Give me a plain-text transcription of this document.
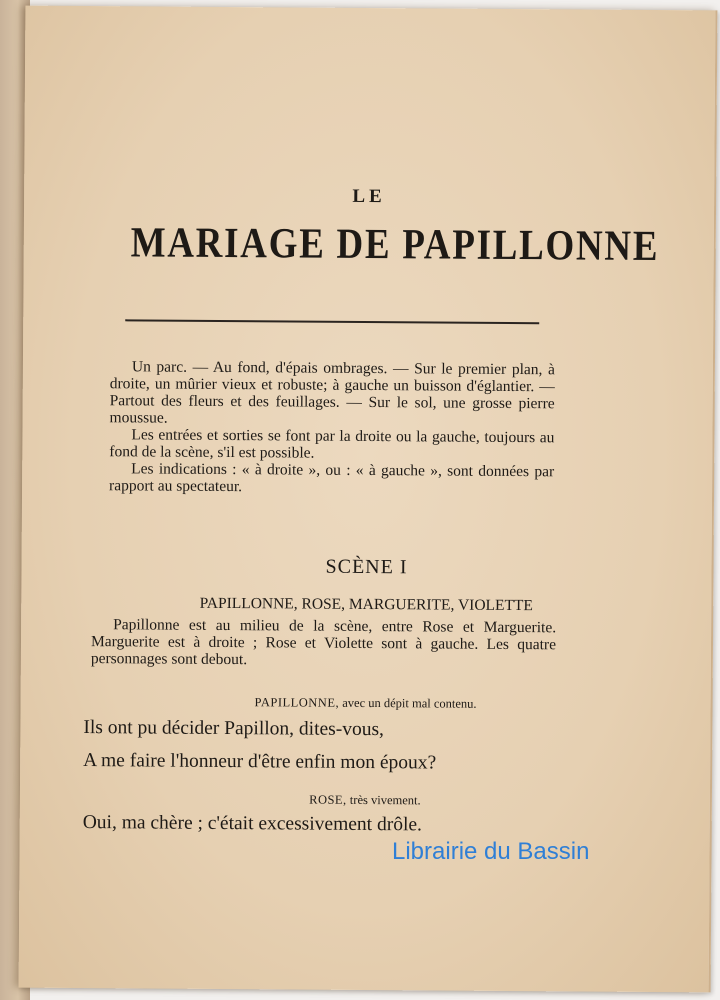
LE
MARIAGE DE PAPILLONNE

Un parc. — Au fond, d'épais ombrages. — Sur le premier plan, à droite, un mûrier vieux et robuste; à gauche un buisson d'églantier. — Partout des fleurs et des feuillages. — Sur le sol, une grosse pierre moussue.

Les entrées et sorties se font par la droite ou la gauche, toujours au fond de la scène, s'il est possible.

Les indications : « à droite », ou : « à gauche », sont données par rapport au spectateur.

SCÈNE I
PAPILLONNE, ROSE, MARGUERITE, VIOLETTE

Papillonne est au milieu de la scène, entre Rose et Marguerite. Marguerite est à droite ; Rose et Violette sont à gauche. Les quatre personnages sont debout.

PAPILLONNE, avec un dépit mal contenu.
Ils ont pu décider Papillon, dites-vous,
A me faire l'honneur d'être enfin mon époux?
ROSE, très vivement.
Oui, ma chère ; c'était excessivement drôle.
Librairie du Bassin
